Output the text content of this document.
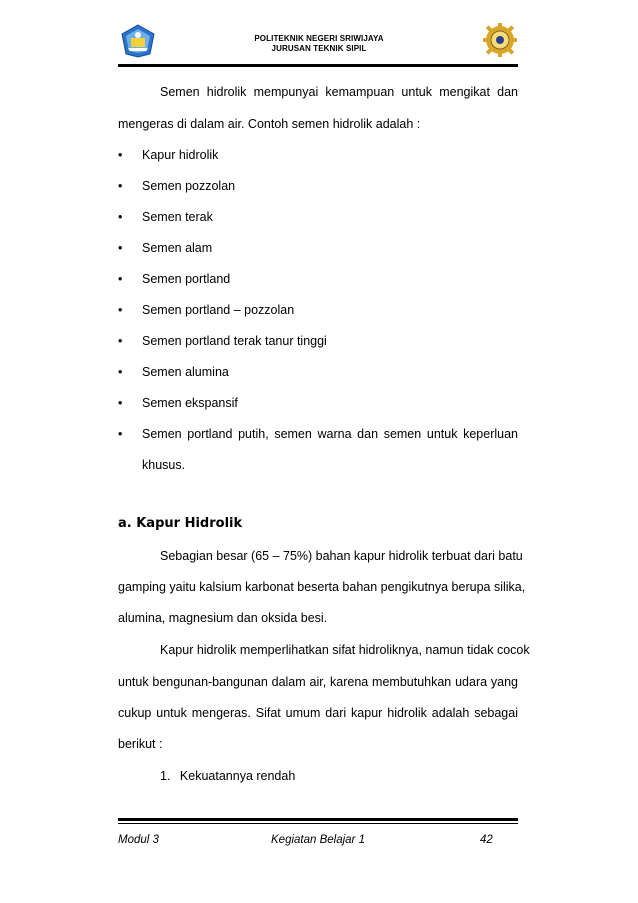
POLITEKNIK NEGERI SRIWIJAYA
JURUSAN TEKNIK SIPIL
Semen hidrolik mempunyai kemampuan untuk mengikat dan
mengeras di dalam air. Contoh semen hidrolik adalah :
•	Kapur hidrolik
•	Semen pozzolan
•	Semen terak
•	Semen alam
•	Semen portland
•	Semen portland – pozzolan
•	Semen portland terak tanur tinggi
•	Semen alumina
•	Semen ekspansif
•	Semen portland putih, semen warna dan semen untuk keperluan
khusus.
a. Kapur Hidrolik
Sebagian besar (65 – 75%) bahan kapur hidrolik terbuat dari batu
gamping yaitu kalsium karbonat beserta bahan pengikutnya berupa silika,
alumina, magnesium dan oksida besi.
Kapur hidrolik memperlihatkan sifat hidroliknya, namun tidak cocok
untuk bengunan-bangunan dalam air, karena membutuhkan udara yang
cukup untuk mengeras. Sifat umum dari kapur hidrolik adalah sebagai
berikut :
1. Kekuatannya rendah
Modul 3	Kegiatan Belajar 1	42
